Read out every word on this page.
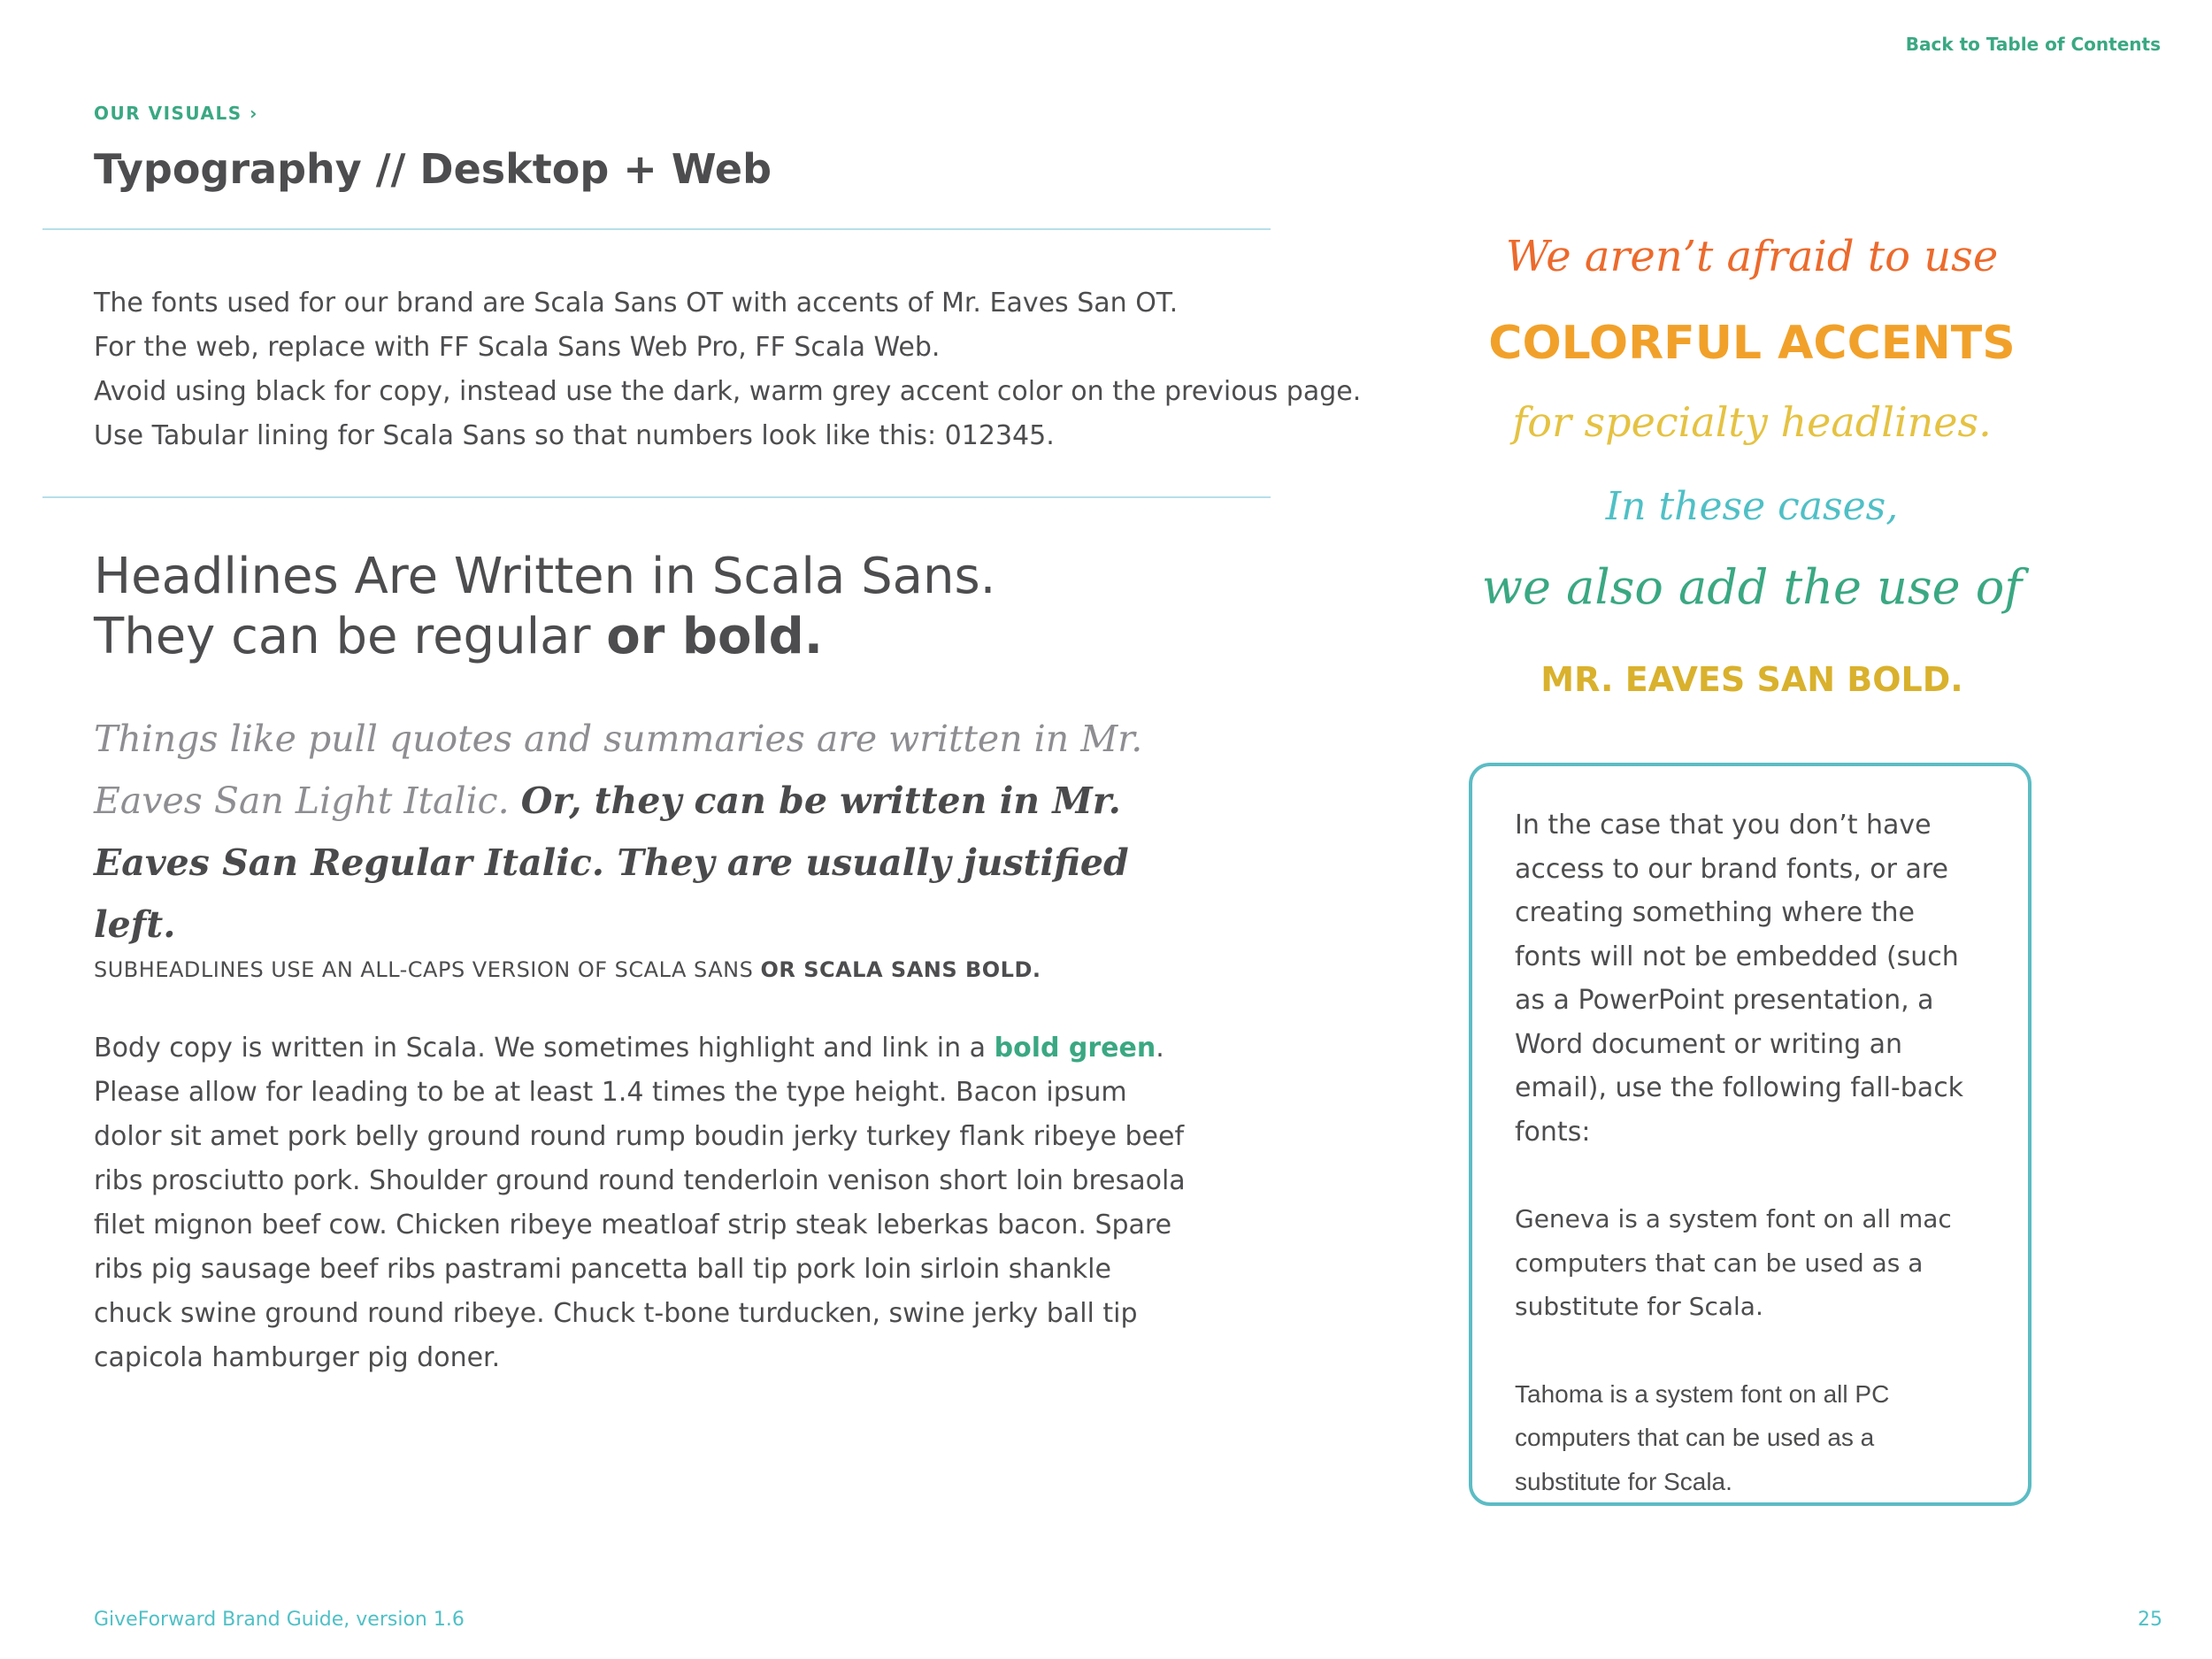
Back to Table of Contents
OUR VISUALS ›
Typography // Desktop + Web
The fonts used for our brand are Scala Sans OT with accents of Mr. Eaves San OT.
For the web, replace with FF Scala Sans Web Pro, FF Scala Web.
Avoid using black for copy, instead use the dark, warm grey accent color on the previous page.
Use Tabular lining for Scala Sans so that numbers look like this: 012345.
Headlines Are Written in Scala Sans.
They can be regular or bold.

Things like pull quotes and summaries are written in Mr. Eaves San Light Italic. Or, they can be written in Mr. Eaves San Regular Italic. They are usually justified left.

SUBHEADLINES USE AN ALL-CAPS VERSION OF SCALA SANS OR SCALA SANS BOLD.

Body copy is written in Scala. We sometimes highlight and link in a bold green. Please allow for leading to be at least 1.4 times the type height. Bacon ipsum dolor sit amet pork belly ground round rump boudin jerky turkey flank ribeye beef ribs prosciutto pork. Shoulder ground round tenderloin venison short loin bresaola filet mignon beef cow. Chicken ribeye meatloaf strip steak leberkas bacon. Spare ribs pig sausage beef ribs pastrami pancetta ball tip pork loin sirloin shankle chuck swine ground round ribeye. Chuck t-bone turducken, swine jerky ball tip capicola hamburger pig doner.

We aren’t afraid to use
COLORFUL ACCENTS
for specialty headlines.
In these cases,
we also add the use of
MR. EAVES SAN BOLD.

In the case that you don’t have access to our brand fonts, or are creating something where the fonts will not be embedded (such as a PowerPoint presentation, a Word document or writing an email), use the following fall-back fonts:

Geneva is a system font on all mac computers that can be used as a substitute for Scala.

Tahoma is a system font on all PC computers that can be used as a substitute for Scala.

GiveForward Brand Guide, version 1.6	25
